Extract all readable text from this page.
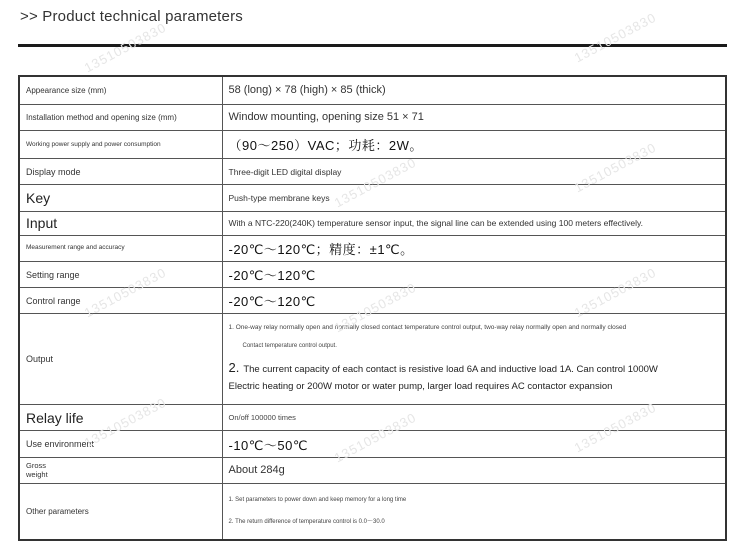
>> Product technical parameters
Appearance size (mm)	58 (long) × 78 (high) × 85 (thick)
Installation method and opening size (mm)	Window mounting, opening size 51 × 71
Working power supply and power consumption	（90～250）VAC；功耗：2W。
Display mode	Three-digit LED digital display
Key	Push-type membrane keys
Input	With a NTC-220(240K) temperature sensor input, the signal line can be extended using 100 meters effectively.
Measurement range and accuracy	-20℃～120℃；精度：±1℃。
Setting range	-20℃～120℃
Control range	-20℃～120℃
Output	1. One-way relay normally open and normally closed contact temperature control output, two-way relay normally open and normally closed
Contact temperature control output.
2. The current capacity of each contact is resistive load 6A and inductive load 1A. Can control 1000W
Electric heating or 200W motor or water pump, larger load requires AC contactor expansion

Relay life	On/off 100000 times
Use environment	-10℃～50℃
Gross weight	About 284g
Other parameters	1. Set parameters to power down and keep memory for a long time
2. The return difference of temperature control is 0.0～30.0
13510503830	13510503830
13510503830	13510503830
13510503830	13510503830	13510503830
13510503830	13510503830	13510503830
